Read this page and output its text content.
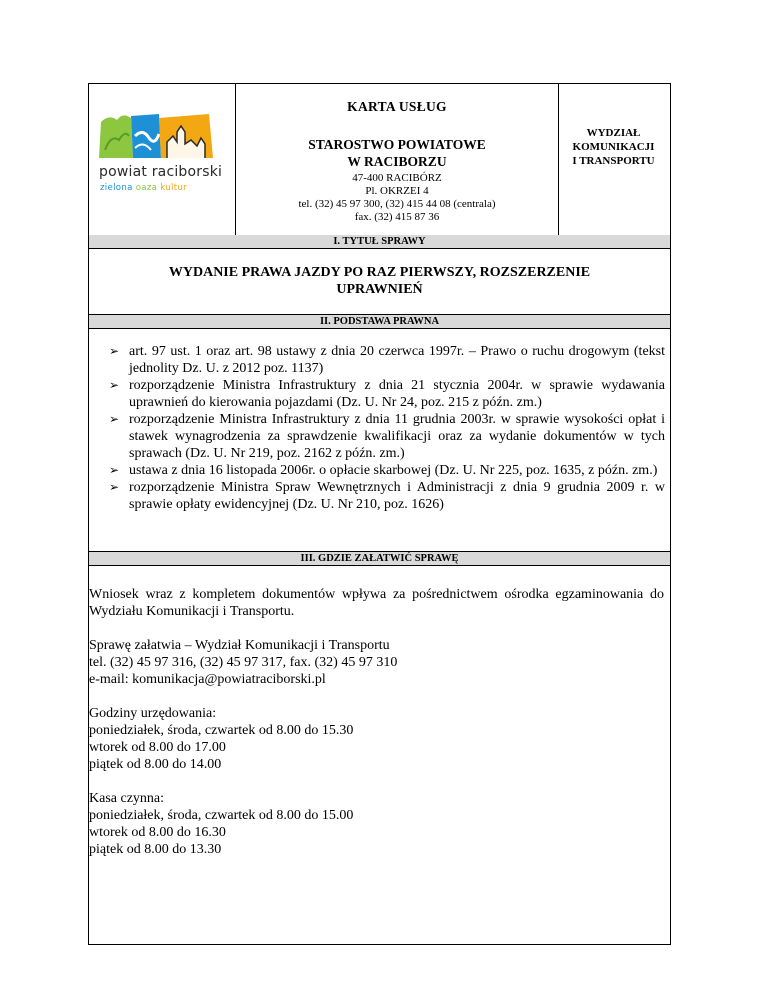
powiat raciborski
zielona oaza kultur
KARTA USŁUG
STAROSTWO POWIATOWE
W RACIBORZU
47-400 RACIBÓRZ
Pl. OKRZEI 4
tel. (32) 45 97 300, (32) 415 44 08 (centrala)
fax. (32) 415 87 36
WYDZIAŁ
KOMUNIKACJI
I TRANSPORTU
I. TYTUŁ SPRAWY
WYDANIE PRAWA JAZDY PO RAZ PIERWSZY, ROZSZERZENIE
UPRAWNIEŃ
II. PODSTAWA PRAWNA
➢ art. 97 ust. 1 oraz art. 98 ustawy z dnia 20 czerwca 1997r. – Prawo o ruchu drogowym (tekst jednolity Dz. U. z 2012 poz. 1137)
➢ rozporządzenie Ministra Infrastruktury z dnia 21 stycznia 2004r. w sprawie wydawania uprawnień do kierowania pojazdami (Dz. U. Nr 24, poz. 215 z późn. zm.)
➢ rozporządzenie Ministra Infrastruktury z dnia 11 grudnia 2003r. w sprawie wysokości opłat i stawek wynagrodzenia za sprawdzenie kwalifikacji oraz za wydanie dokumentów w tych sprawach (Dz. U. Nr 219, poz. 2162 z późn. zm.)
➢ ustawa z dnia 16 listopada 2006r. o opłacie skarbowej (Dz. U. Nr 225, poz. 1635, z późn. zm.)
➢ rozporządzenie Ministra Spraw Wewnętrznych i Administracji z dnia 9 grudnia 2009 r. w sprawie opłaty ewidencyjnej (Dz. U. Nr 210, poz. 1626)
III. GDZIE ZAŁATWIĆ SPRAWĘ
Wniosek wraz z kompletem dokumentów wpływa za pośrednictwem ośrodka egzaminowania do Wydziału Komunikacji i Transportu.
Sprawę załatwia – Wydział Komunikacji i Transportu
tel. (32) 45 97 316, (32) 45 97 317, fax. (32) 45 97 310
e-mail: komunikacja@powiatraciborski.pl
Godziny urzędowania:
poniedziałek, środa, czwartek od 8.00 do 15.30
wtorek od 8.00 do 17.00
piątek od 8.00 do 14.00
Kasa czynna:
poniedziałek, środa, czwartek od 8.00 do 15.00
wtorek od 8.00 do 16.30
piątek od 8.00 do 13.30
